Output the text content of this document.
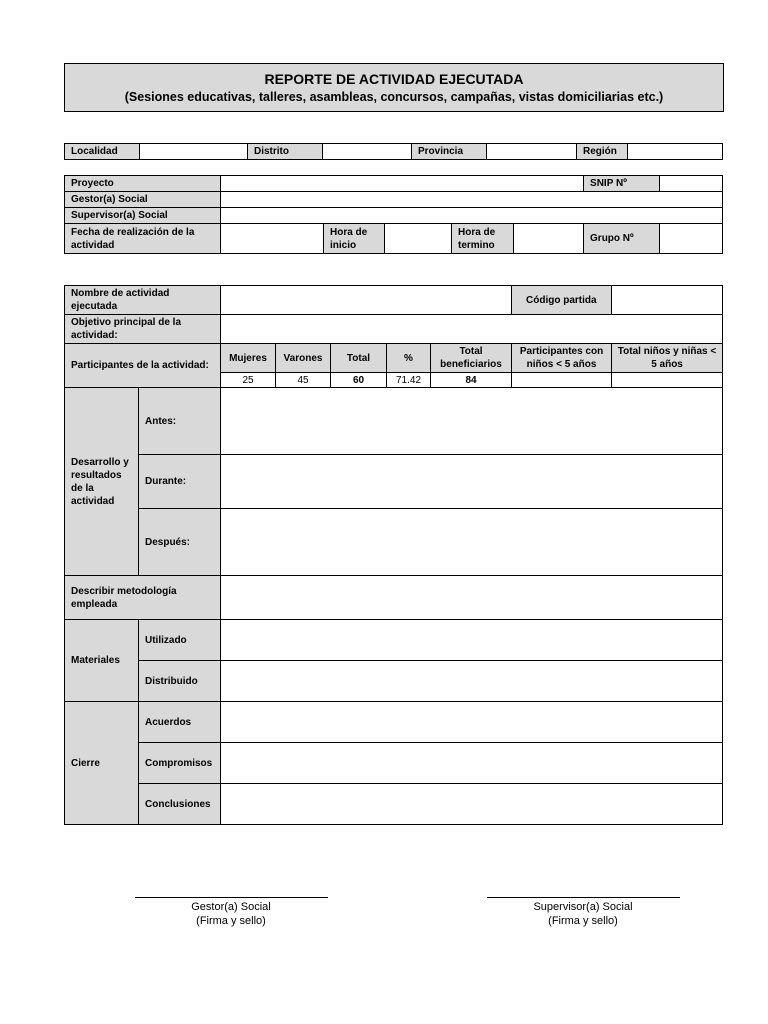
REPORTE DE ACTIVIDAD EJECUTADA
(Sesiones educativas, talleres, asambleas, concursos, campañas, vistas domiciliarias etc.)
Localidad		Distrito		Provincia		Región	
Proyecto						SNIP Nº	
Gestor(a) Social							
Supervisor(a) Social							
Fecha de realización de la actividad		Hora de inicio		Hora de termino		Grupo Nº	
Nombre de actividad ejecutada							Código partida	
Objetivo principal de la actividad:								
Participantes de la actividad:		Mujeres	Varones	Total	%	Total beneficiarios	Participantes con niños < 5 años	Total niños y niñas < 5 años
		25	45	60	71.42	84		
Desarrollo y resultados de la actividad	Antes:							
	Durante:							
	Después:							
Describir metodología empleada								
Materiales	Utilizado							
	Distribuido							
Cierre	Acuerdos							
	Compromisos							
	Conclusiones							
Gestor(a) Social
(Firma y sello)
Supervisor(a) Social
(Firma y sello)
